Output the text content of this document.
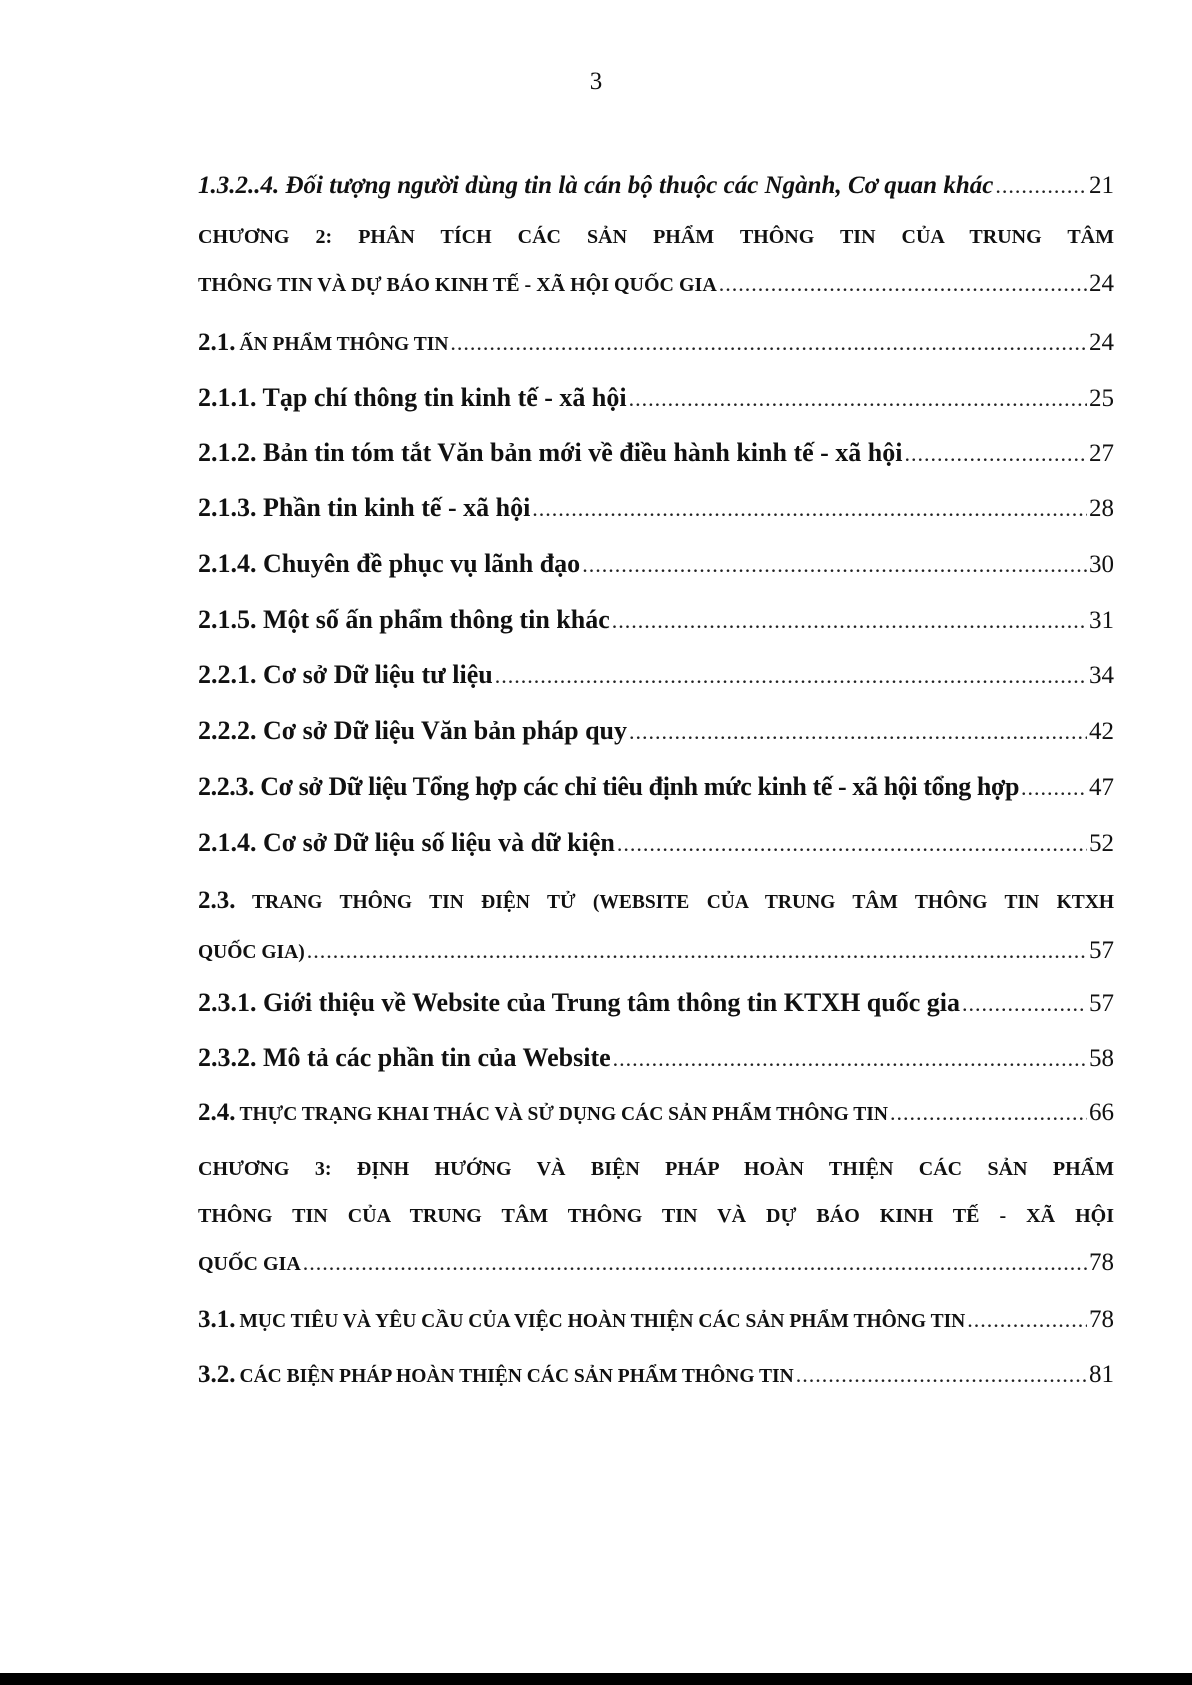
3
1.3.2..4. Đối tượng người dùng tin là cán bộ thuộc các Ngành, Cơ quan khác .....	21
CHƯƠNG 2: PHÂN TÍCH CÁC SẢN PHẨM THÔNG TIN CỦA TRUNG TÂM
THÔNG TIN VÀ DỰ BÁO KINH TẾ - XÃ HỘI QUỐC GIA .....	24
2.1. ẤN PHẨM THÔNG TIN .....	24
2.1.1. Tạp chí thông tin kinh tế - xã hội .....	25
2.1.2. Bản tin tóm tắt Văn bản mới về điều hành kinh tế - xã hội .....	27
2.1.3. Phần tin kinh tế - xã hội .....	28
2.1.4. Chuyên đề phục vụ lãnh đạo .....	30
2.1.5. Một số ấn phẩm thông tin khác .....	31
2.2.1. Cơ sở Dữ liệu tư liệu .....	34
2.2.2. Cơ sở Dữ liệu Văn bản pháp quy .....	42
2.2.3. Cơ sở Dữ liệu Tổng hợp các chỉ tiêu định mức kinh tế - xã hội tổng hợp .....	47
2.1.4. Cơ sở Dữ liệu số liệu và dữ kiện .....	52
2.3. TRANG THÔNG TIN ĐIỆN TỬ (WEBSITE CỦA TRUNG TÂM THÔNG TIN KTXH
QUỐC GIA) .....	57
2.3.1. Giới thiệu về Website của Trung tâm thông tin KTXH quốc gia .....	57
2.3.2. Mô tả các phần tin của Website .....	58
2.4. THỰC TRẠNG KHAI THÁC VÀ SỬ DỤNG CÁC SẢN PHẨM THÔNG TIN .....	66
CHƯƠNG 3: ĐỊNH HƯỚNG VÀ BIỆN PHÁP HOÀN THIỆN CÁC SẢN PHẨM
THÔNG TIN CỦA TRUNG TÂM THÔNG TIN VÀ DỰ BÁO KINH TẾ - XÃ HỘI
QUỐC GIA .....	78
3.1. MỤC TIÊU VÀ YÊU CẦU CỦA VIỆC HOÀN THIỆN CÁC SẢN PHẨM THÔNG TIN .....	78
3.2. CÁC BIỆN PHÁP HOÀN THIỆN CÁC SẢN PHẨM THÔNG TIN .....	81
